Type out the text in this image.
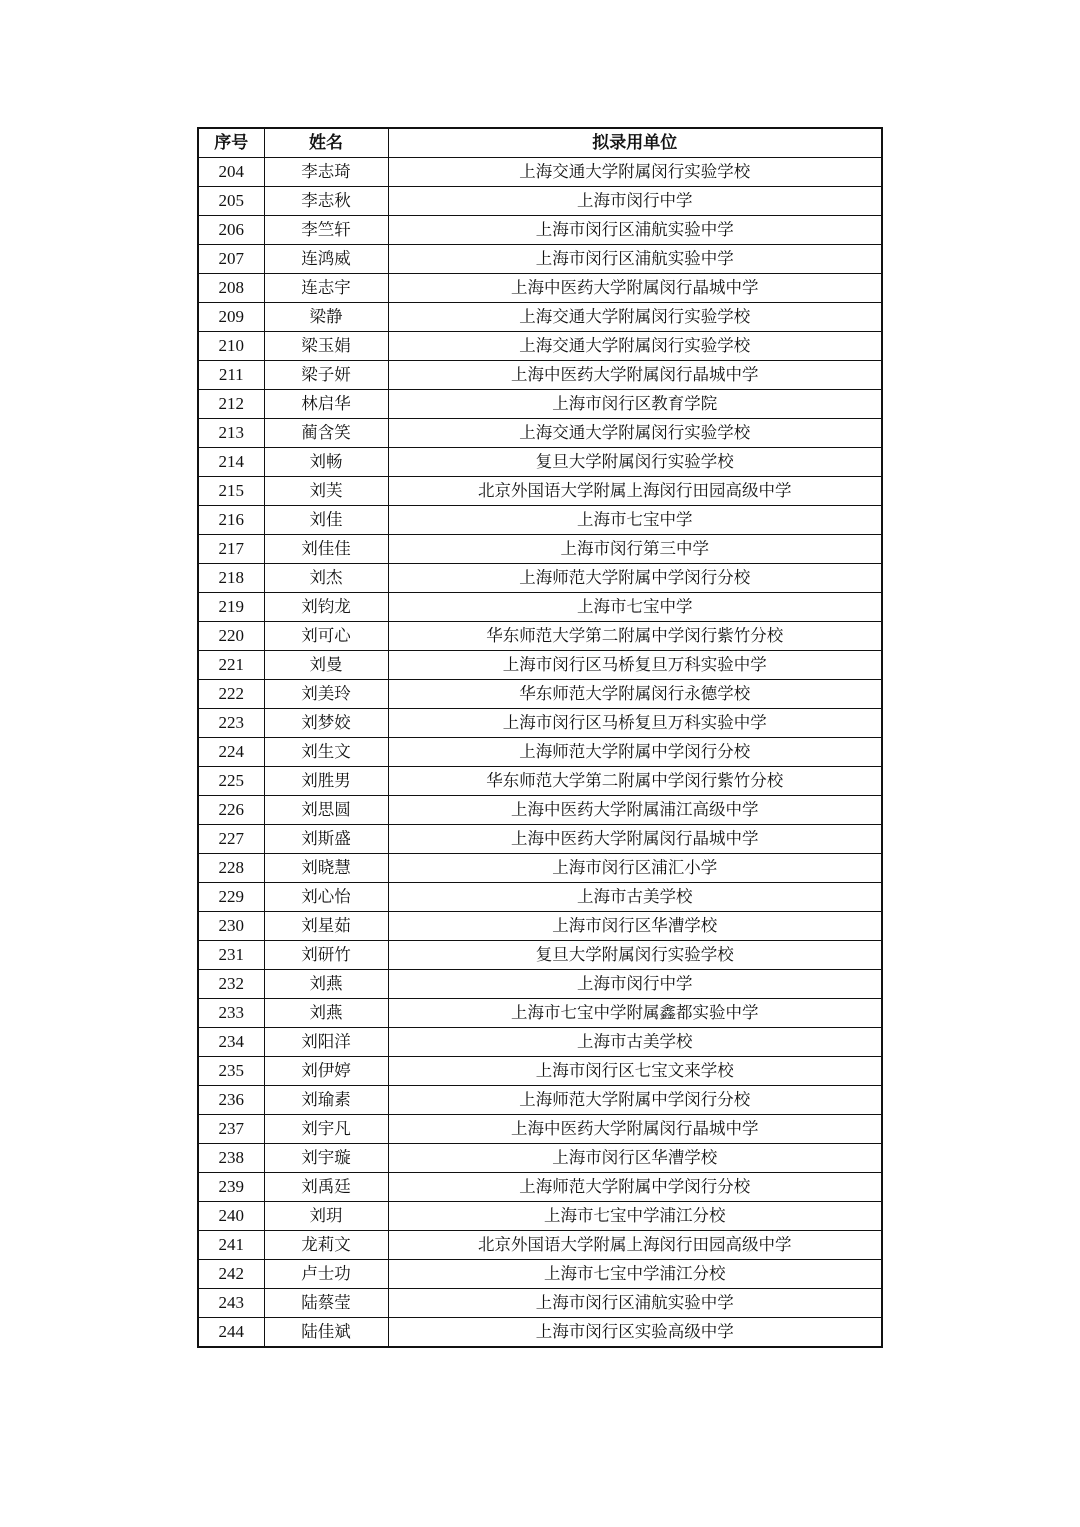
序号	姓名	拟录用单位
204	李志琦	上海交通大学附属闵行实验学校
205	李志秋	上海市闵行中学
206	李竺轩	上海市闵行区浦航实验中学
207	连鸿威	上海市闵行区浦航实验中学
208	连志宇	上海中医药大学附属闵行晶城中学
209	梁静	上海交通大学附属闵行实验学校
210	梁玉娟	上海交通大学附属闵行实验学校
211	梁子妍	上海中医药大学附属闵行晶城中学
212	林启华	上海市闵行区教育学院
213	蔺含笑	上海交通大学附属闵行实验学校
214	刘畅	复旦大学附属闵行实验学校
215	刘芙	北京外国语大学附属上海闵行田园高级中学
216	刘佳	上海市七宝中学
217	刘佳佳	上海市闵行第三中学
218	刘杰	上海师范大学附属中学闵行分校
219	刘钧龙	上海市七宝中学
220	刘可心	华东师范大学第二附属中学闵行紫竹分校
221	刘曼	上海市闵行区马桥复旦万科实验中学
222	刘美玲	华东师范大学附属闵行永德学校
223	刘梦姣	上海市闵行区马桥复旦万科实验中学
224	刘生文	上海师范大学附属中学闵行分校
225	刘胜男	华东师范大学第二附属中学闵行紫竹分校
226	刘思圆	上海中医药大学附属浦江高级中学
227	刘斯盛	上海中医药大学附属闵行晶城中学
228	刘晓慧	上海市闵行区浦汇小学
229	刘心怡	上海市古美学校
230	刘星茹	上海市闵行区华漕学校
231	刘研竹	复旦大学附属闵行实验学校
232	刘燕	上海市闵行中学
233	刘燕	上海市七宝中学附属鑫都实验中学
234	刘阳洋	上海市古美学校
235	刘伊婷	上海市闵行区七宝文来学校
236	刘瑜素	上海师范大学附属中学闵行分校
237	刘宇凡	上海中医药大学附属闵行晶城中学
238	刘宇璇	上海市闵行区华漕学校
239	刘禹廷	上海师范大学附属中学闵行分校
240	刘玥	上海市七宝中学浦江分校
241	龙莉文	北京外国语大学附属上海闵行田园高级中学
242	卢士功	上海市七宝中学浦江分校
243	陆蔡莹	上海市闵行区浦航实验中学
244	陆佳斌	上海市闵行区实验高级中学
